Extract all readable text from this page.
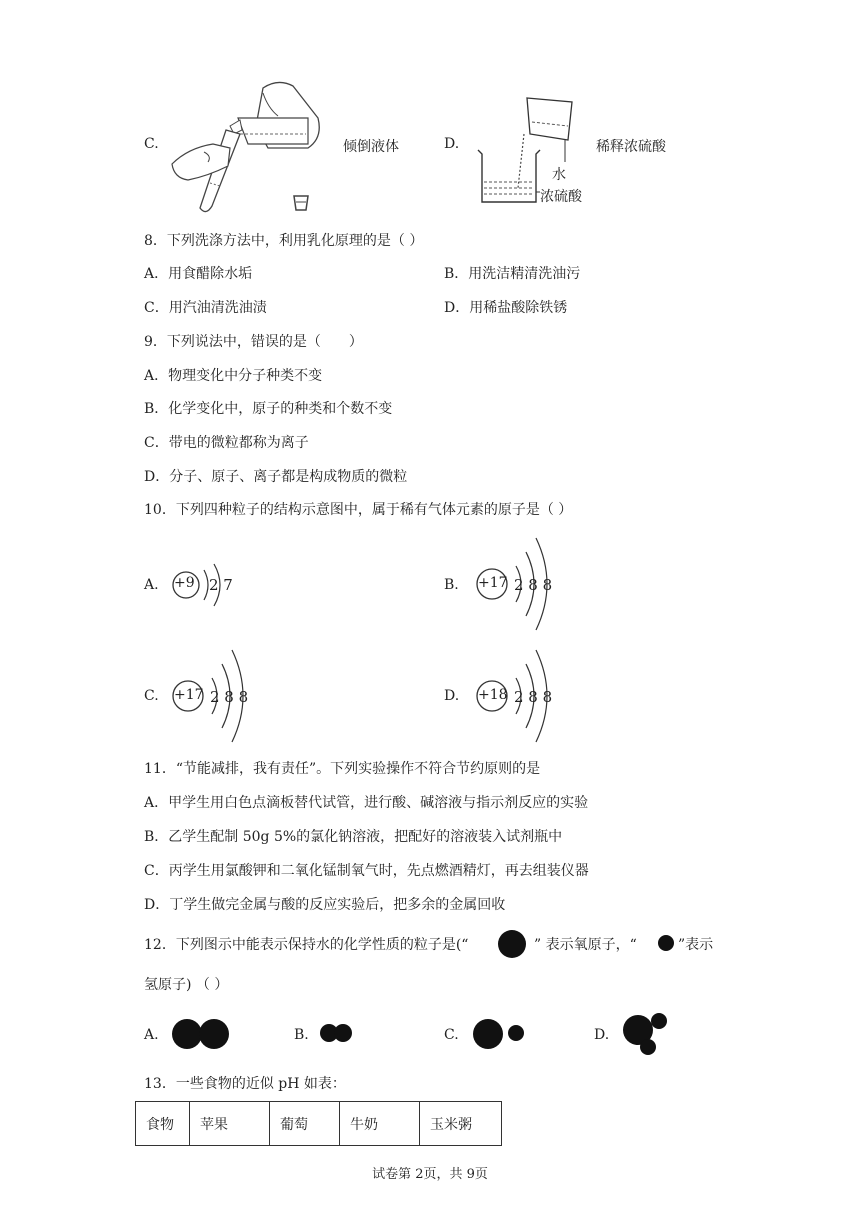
C.	倾倒液体	D.
水
浓硫酸
稀释浓硫酸
8．下列洗涤方法中，利用乳化原理的是（ ）
A．用食醋除水垢	B．用洗洁精清洗油污
C．用汽油清洗油渍	D．用稀盐酸除铁锈
9．下列说法中，错误的是（　　）
A．物理变化中分子种类不变
B．化学变化中，原子的种类和个数不变
C．带电的微粒都称为离子
D．分子、原子、离子都是构成物质的微粒
10．下列四种粒子的结构示意图中，属于稀有气体元素的原子是（ ）
A. +9 2 7	B. +17 2 8 8
C. +17 2 8 8	D. +18 2 8 8
11．“节能减排，我有责任”。下列实验操作不符合节约原则的是
A．甲学生用白色点滴板替代试管，进行酸、碱溶液与指示剂反应的实验
B．乙学生配制 50g 5%的氯化钠溶液，把配好的溶液装入试剂瓶中
C．丙学生用氯酸钾和二氧化锰制氧气时，先点燃酒精灯，再去组装仪器
D．丁学生做完金属与酸的反应实验后，把多余的金属回收
12．下列图示中能表示保持水的化学性质的粒子是(“	” 表示氧原子，“	”表示
氢原子) （ ）
A.	B.	C.	D.
13．一些食物的近似 pH 如表：
食物	苹果	葡萄	牛奶	玉米粥
试卷第 2页，共 9页
